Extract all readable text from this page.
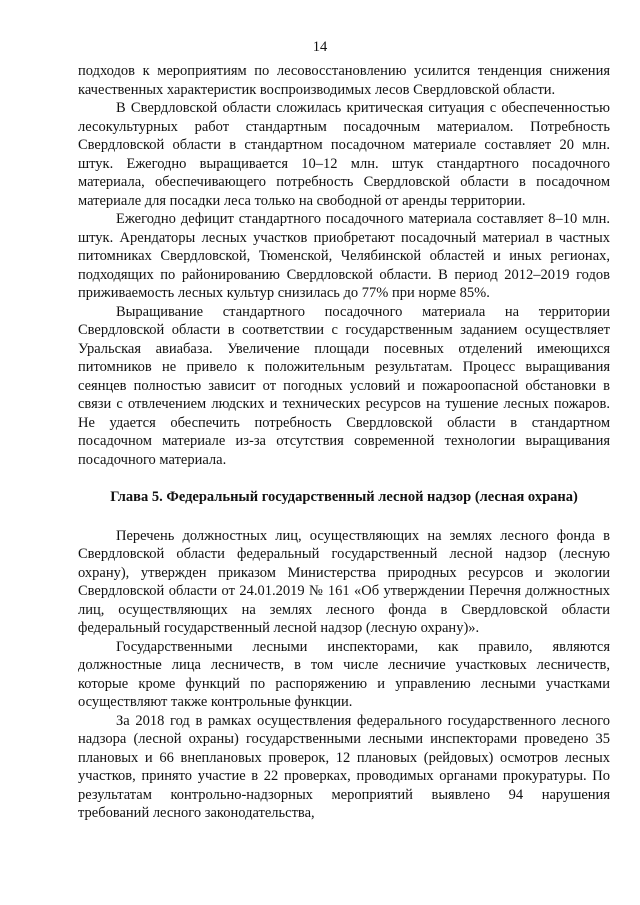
14

подходов к мероприятиям по лесовосстановлению усилится тенденция снижения качественных характеристик воспроизводимых лесов Свердловской области.

В Свердловской области сложилась критическая ситуация с обеспеченностью лесокультурных работ стандартным посадочным материалом. Потребность Свердловской области в стандартном посадочном материале составляет 20 млн. штук. Ежегодно выращивается 10–12 млн. штук стандартного посадочного материала, обеспечивающего потребность Свердловской области в посадочном материале для посадки леса только на свободной от аренды территории.

Ежегодно дефицит стандартного посадочного материала составляет 8–10 млн. штук. Арендаторы лесных участков приобретают посадочный материал в частных питомниках Свердловской, Тюменской, Челябинской областей и иных регионах, подходящих по районированию Свердловской области. В период 2012–2019 годов приживаемость лесных культур снизилась до 77% при норме 85%.

Выращивание стандартного посадочного материала на территории Свердловской области в соответствии с государственным заданием осуществляет Уральская авиабаза. Увеличение площади посевных отделений имеющихся питомников не привело к положительным результатам. Процесс выращивания сеянцев полностью зависит от погодных условий и пожароопасной обстановки в связи с отвлечением людских и технических ресурсов на тушение лесных пожаров. Не удается обеспечить потребность Свердловской области в стандартном посадочном материале из-за отсутствия современной технологии выращивания посадочного материала.

Глава 5. Федеральный государственный лесной надзор (лесная охрана)

Перечень должностных лиц, осуществляющих на землях лесного фонда в Свердловской области федеральный государственный лесной надзор (лесную охрану), утвержден приказом Министерства природных ресурсов и экологии Свердловской области от 24.01.2019 № 161 «Об утверждении Перечня должностных лиц, осуществляющих на землях лесного фонда в Свердловской области федеральный государственный лесной надзор (лесную охрану)».

Государственными лесными инспекторами, как правило, являются должностные лица лесничеств, в том числе лесничие участковых лесничеств, которые кроме функций по распоряжению и управлению лесными участками осуществляют также контрольные функции.

За 2018 год в рамках осуществления федерального государственного лесного надзора (лесной охраны) государственными лесными инспекторами проведено 35 плановых и 66 внеплановых проверок, 12 плановых (рейдовых) осмотров лесных участков, принято участие в 22 проверках, проводимых органами прокуратуры. По результатам контрольно-надзорных мероприятий выявлено 94 нарушения требований лесного законодательства,
